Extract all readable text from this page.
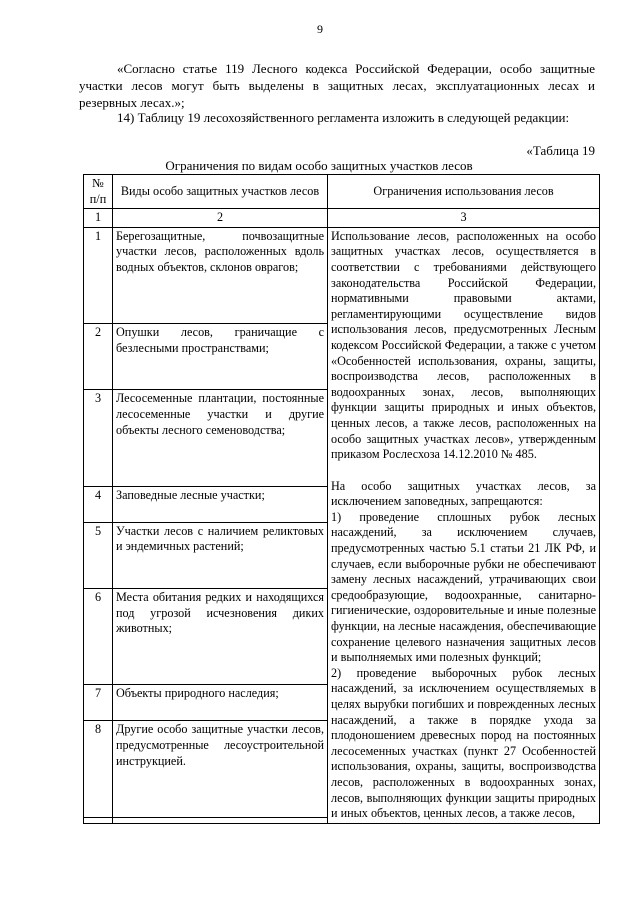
9

«Согласно статье 119 Лесного кодекса Российской Федерации, особо защитные участки лесов могут быть выделены в защитных лесах, эксплуатационных лесах и резервных лесах.»;

14) Таблицу 19 лесохозяйственного регламента изложить в следующей редакции:

«Таблица 19
Ограничения по видам особо защитных участков лесов
№ п/п	Виды особо защитных участков лесов	Ограничения использования лесов
1	2	3
1	Берегозащитные, почвозащитные участки лесов, расположенных вдоль водных объектов, склонов оврагов;	Использование лесов, расположенных на особо защитных участках лесов, осуществляется в соответствии с требованиями действующего законодательства Российской Федерации, нормативными правовыми актами, регламентирующими осуществление видов использования лесов, предусмотренных Лесным кодексом Российской Федерации, а также с учетом «Особенностей использования, охраны, защиты, воспроизводства лесов, расположенных в водоохранных зонах, лесов, выполняющих функции защиты природных и иных объектов, ценных лесов, а также лесов, расположенных на особо защитных участках лесов», утвержденным приказом Рослесхоза 14.12.2010 № 485.

На особо защитных участках лесов, за исключением заповедных, запрещаются:

1) проведение сплошных рубок лесных насаждений, за исключением случаев, предусмотренных частью 5.1 статьи 21 ЛК РФ, и случаев, если выборочные рубки не обеспечивают замену лесных насаждений, утрачивающих свои средообразующие, водоохранные, санитарно-гигиенические, оздоровительные и иные полезные функции, на лесные насаждения, обеспечивающие сохранение целевого назначения защитных лесов и выполняемых ими полезных функций;

2) проведение выборочных рубок лесных насаждений, за исключением осуществляемых в целях вырубки погибших и поврежденных лесных насаждений, а также в порядке ухода за плодоношением древесных пород на постоянных лесосеменных участках (пункт 27 Особенностей использования, охраны, защиты, воспроизводства лесов, расположенных в водоохранных зонах, лесов, выполняющих функции защиты природных и иных объектов, ценных лесов, а также лесов,

2	Опушки лесов, граничащие с безлесными пространствами;	
3	Лесосеменные плантации, постоянные лесосеменные участки и другие объекты лесного семеноводства;	
4	Заповедные лесные участки;	
5	Участки лесов с наличием реликтовых и эндемичных растений;	
6	Места обитания редких и находящихся под угрозой исчезновения диких животных;	
7	Объекты природного наследия;	
8	Другие особо защитные участки лесов, предусмотренные лесоустроительной инструкцией.	
